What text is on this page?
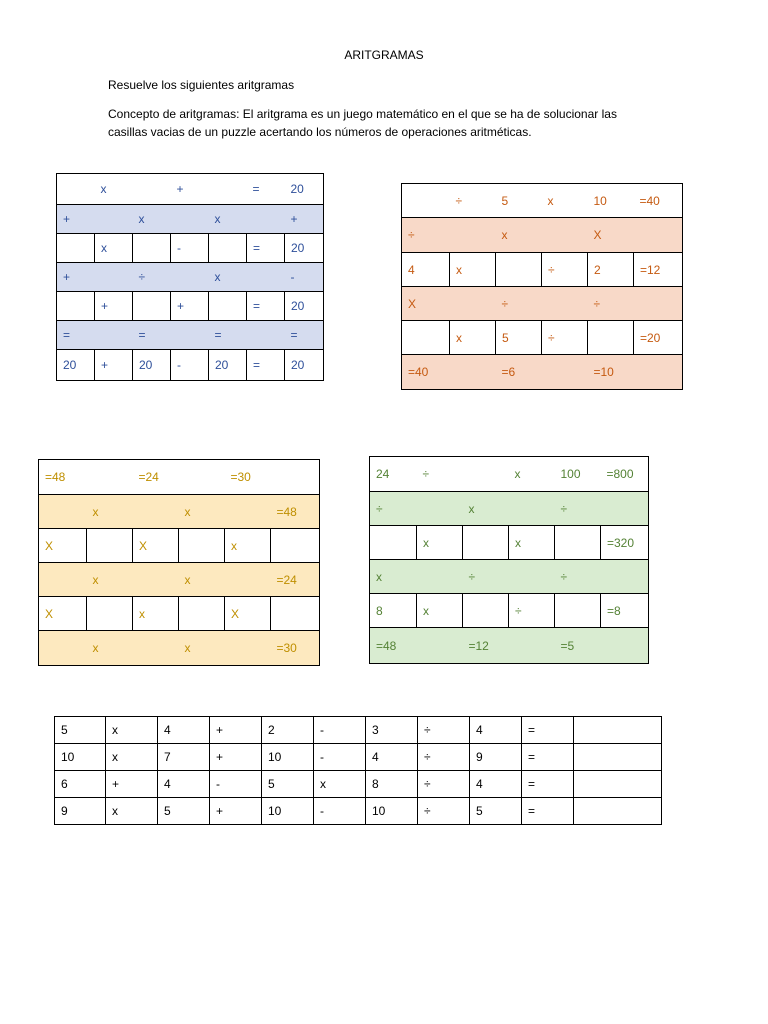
ARITGRAMAS
Resuelve los siguientes aritgramas
Concepto de aritgramas: El aritgrama es un juego matemático en el que se ha de solucionar las casillas vacias de un puzzle acertando los números de operaciones aritméticas.
	x		+		=	20
+		x		x		+
	x		-		=	20
+		÷		x		-
	+		+		=	20
=		=		=		=
20	+	20	-	20	=	20
	÷	5	x	10	=40
÷		x		X	
4	x		÷	2	=12
X		÷		÷	
	x	5	÷		=20
=40		=6		=10	
=48		=24		=30	
	x		x		=48
X		X		x	
	x		x		=24
X		x		X	
	x		x		=30
24	÷		x	100	=800
÷		x		÷	
	x		x		=320
x		÷		÷	
8	x		÷		=8
=48		=12		=5	
5	x	4	+	2	-	3	÷	4	=	
10	x	7	+	10	-	4	÷	9	=	
6	+	4	-	5	x	8	÷	4	=	
9	x	5	+	10	-	10	÷	5	=	
